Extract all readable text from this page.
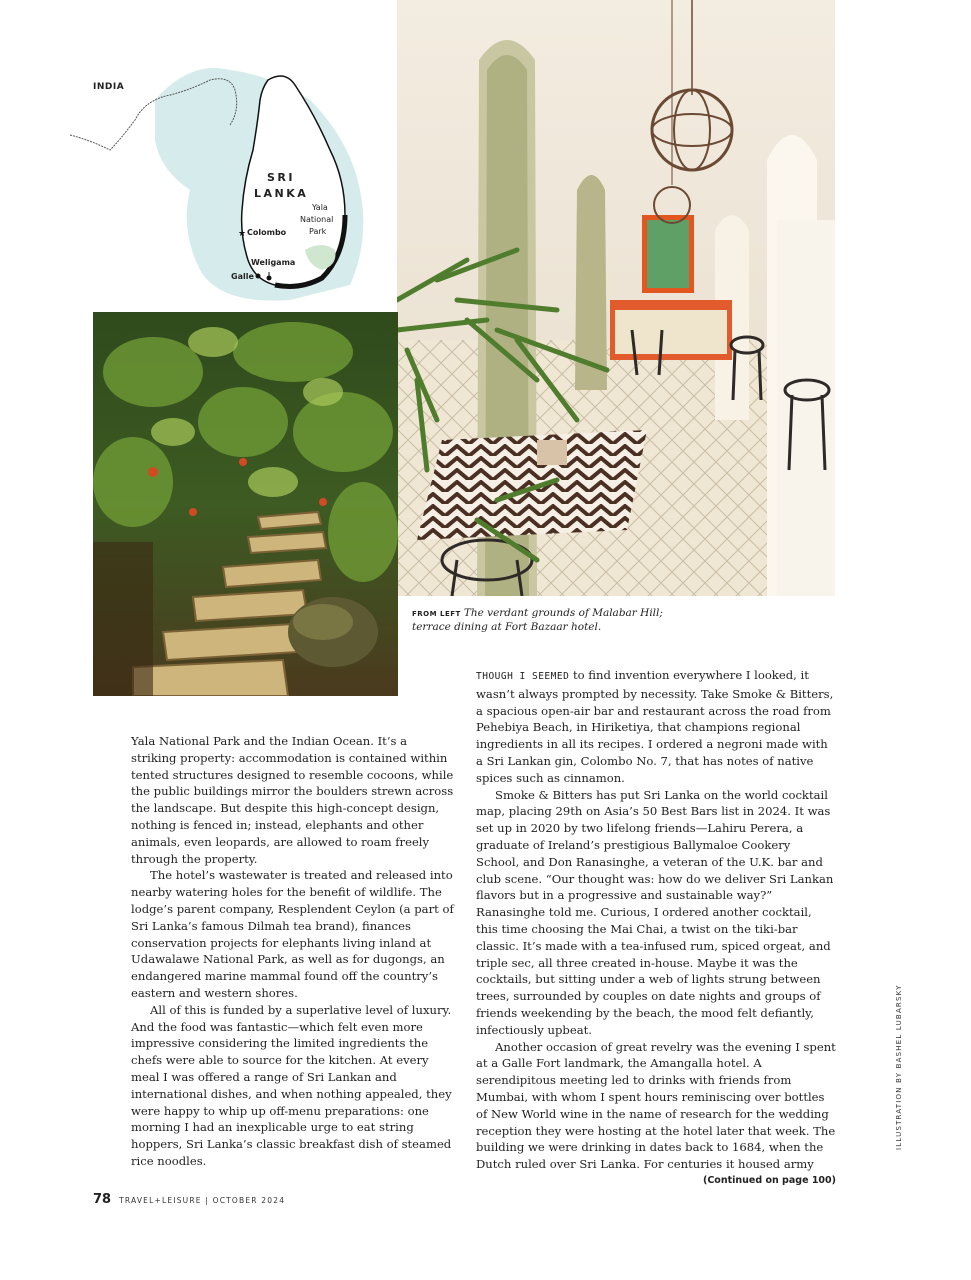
★
INDIA
SRI
LANKA
Yala
National
Park
Colombo
Weligama
Galle
FROM LEFT The verdant grounds of Malabar Hill; terrace dining at Fort Bazaar hotel.

Yala National Park and the Indian Ocean. It’s a striking property: accommodation is contained within tented structures designed to resemble cocoons, while the public buildings mirror the boulders strewn across the landscape. But despite this high-concept design, nothing is fenced in; instead, elephants and other animals, even leopards, are allowed to roam freely through the property.

The hotel’s wastewater is treated and released into nearby watering holes for the benefit of wildlife. The lodge’s parent company, Resplendent Ceylon (a part of Sri Lanka’s famous Dilmah tea brand), finances conservation projects for elephants living inland at Udawalawe National Park, as well as for dugongs, an endangered marine mammal found off the country’s eastern and western shores.

All of this is funded by a superlative level of luxury. And the food was fantastic—which felt even more impressive considering the limited ingredients the chefs were able to source for the kitchen. At every meal I was offered a range of Sri Lankan and international dishes, and when nothing appealed, they were happy to whip up off-menu preparations: one morning I had an inexplicable urge to eat string hoppers, Sri Lanka’s classic breakfast dish of steamed rice noodles.

THOUGH I SEEMED to find invention everywhere I looked, it wasn’t always prompted by necessity. Take Smoke & Bitters, a spacious open-air bar and restaurant across the road from Pehebiya Beach, in Hiriketiya, that champions regional ingredients in all its recipes. I ordered a negroni made with a Sri Lankan gin, Colombo No. 7, that has notes of native spices such as cinnamon.

Smoke & Bitters has put Sri Lanka on the world cocktail map, placing 29th on Asia’s 50 Best Bars list in 2024. It was set up in 2020 by two lifelong friends—Lahiru Perera, a graduate of Ireland’s prestigious Ballymaloe Cookery School, and Don Ranasinghe, a veteran of the U.K. bar and club scene. “Our thought was: how do we deliver Sri Lankan flavors but in a progressive and sustainable way?” Ranasinghe told me. Curious, I ordered another cocktail, this time choosing the Mai Chai, a twist on the tiki-bar classic. It’s made with a tea-infused rum, spiced orgeat, and triple sec, all three created in-house. Maybe it was the cocktails, but sitting under a web of lights strung between trees, surrounded by couples on date nights and groups of friends weekending by the beach, the mood felt defiantly, infectiously upbeat.

Another occasion of great revelry was the evening I spent at a Galle Fort landmark, the Amangalla hotel. A serendipitous meeting led to drinks with friends from Mumbai, with whom I spent hours reminiscing over bottles of New World wine in the name of research for the wedding reception they were hosting at the hotel later that week. The building we were drinking in dates back to 1684, when the Dutch ruled over Sri Lanka. For centuries it housed army
(Continued on page 100)

ILLUSTRATION BY BASHEL LUBARSKY
78 TRAVEL+LEISURE | OCTOBER 2024
